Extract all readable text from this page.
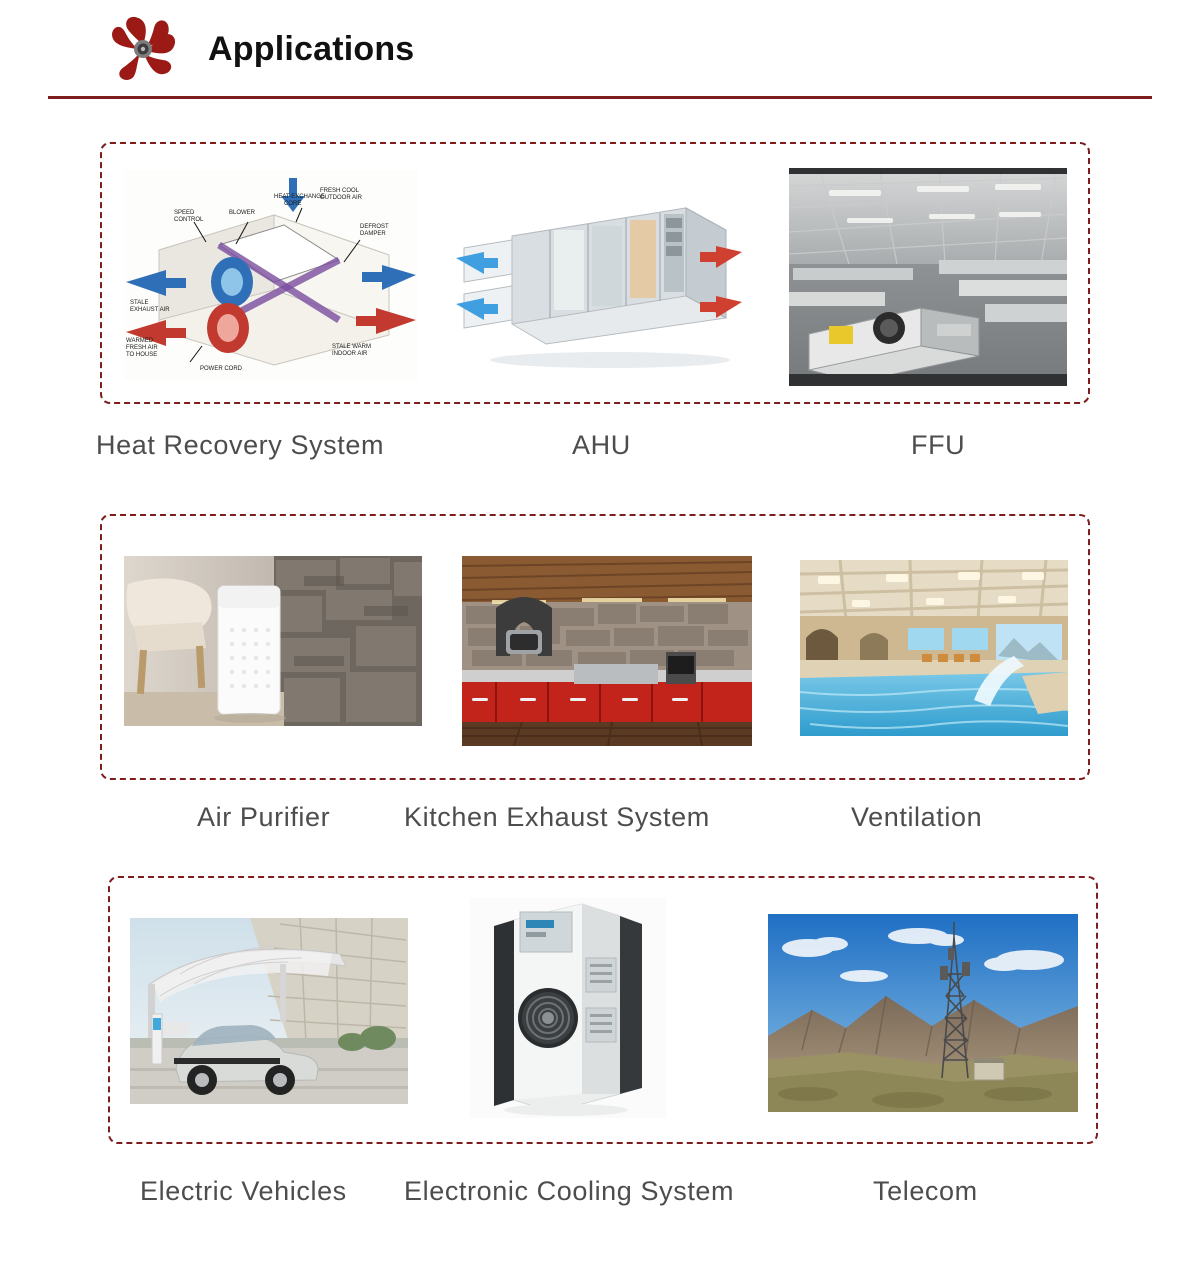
Applications
SPEED
CONTROL
BLOWER
HEAT-EXCHANGE
CORE
FRESH COOL
OUTDOOR AIR
DEFROST
DAMPER
STALE
EXHAUST AIR
WARMED
FRESH AIR
TO HOUSE
POWER CORD
STALE WARM
INDOOR AIR
Heat Recovery System	AHU	FFU
Air Purifier	Kitchen Exhaust System	Ventilation
Electric Vehicles Electronic Cooling System	Telecom
